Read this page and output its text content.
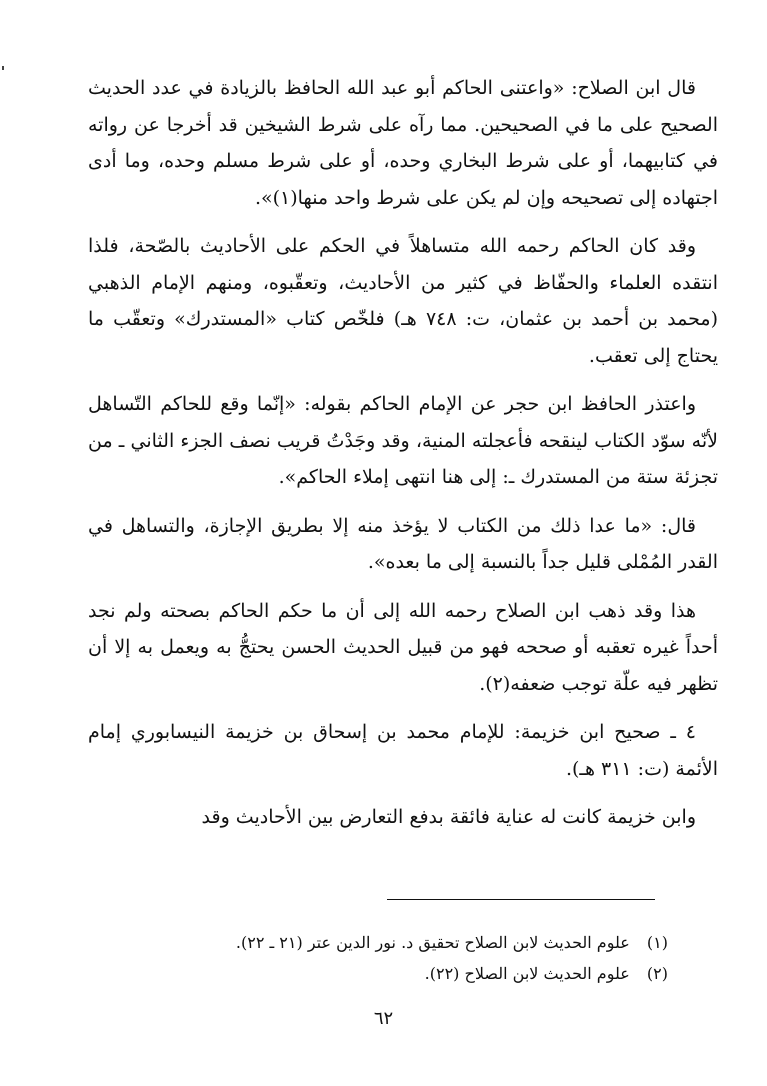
قال ابن الصلاح: «واعتنى الحاكم أبو عبد الله الحافظ بالزيادة في عدد الحديث الصحيح على ما في الصحيحين. مما رآه على شرط الشيخين قد أخرجا عن رواته في كتابيهما، أو على شرط البخاري وحده، أو على شرط مسلم وحده، وما أدى اجتهاده إلى تصحيحه وإن لم يكن على شرط واحد منها(١)».

وقد كان الحاكم رحمه الله متساهلاً في الحكم على الأحاديث بالصّحة، فلذا انتقده العلماء والحفّاظ في كثير من الأحاديث، وتعقّبوه، ومنهم الإمام الذهبي (محمد بن أحمد بن عثمان، ت: ٧٤٨ هـ) فلخّص كتاب «المستدرك» وتعقّب ما يحتاج إلى تعقب.

واعتذر الحافظ ابن حجر عن الإمام الحاكم بقوله: «إنّما وقع للحاكم التّساهل لأنّه سوّد الكتاب لينقحه فأعجلته المنية، وقد وجَدْتُ قريب نصف الجزء الثاني ـ من تجزئة ستة من المستدرك ـ: إلى هنا انتهى إملاء الحاكم».

قال: «ما عدا ذلك من الكتاب لا يؤخذ منه إلا بطريق الإجازة، والتساهل في القدر المُمْلى قليل جداً بالنسبة إلى ما بعده».

هذا وقد ذهب ابن الصلاح رحمه الله إلى أن ما حكم الحاكم بصحته ولم نجد أحداً غيره تعقبه أو صححه فهو من قبيل الحديث الحسن يحتجُّ به ويعمل به إلا أن تظهر فيه علّة توجب ضعفه(٢).

٤ ـ صحيح ابن خزيمة: للإمام محمد بن إسحاق بن خزيمة النيسابوري إمام الأئمة (ت: ٣١١ هـ).

وابن خزيمة كانت له عناية فائقة بدفع التعارض بين الأحاديث وقد

(١) علوم الحديث لابن الصلاح تحقيق د. نور الدين عتر (٢١ ـ ٢٢).

(٢) علوم الحديث لابن الصلاح (٢٢).

٦٢
